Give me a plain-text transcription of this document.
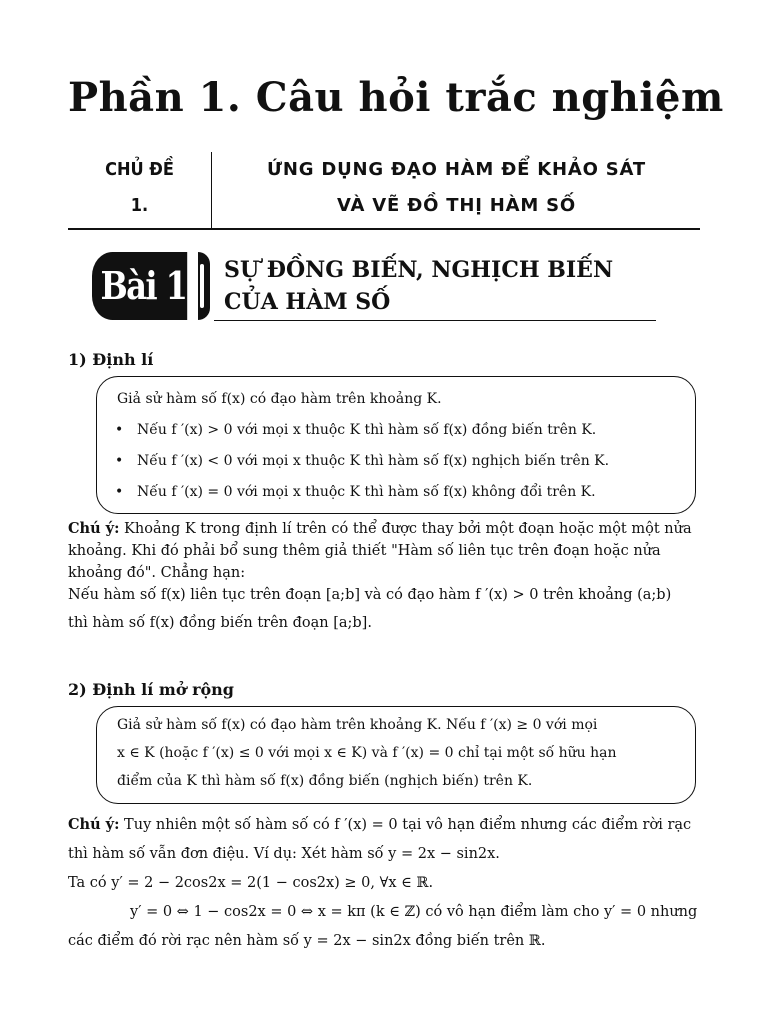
Phần 1. Câu hỏi trắc nghiệm
CHỦ ĐỀ
1.
ỨNG DỤNG ĐẠO HÀM ĐỂ KHẢO SÁT
VÀ VẼ ĐỒ THỊ HÀM SỐ
Bài 1 SỰ ĐỒNG BIẾN, NGHỊCH BIẾN
CỦA HÀM SỐ
1) Định lí
Giả sử hàm số f(x) có đạo hàm trên khoảng K.
• Nếu f ′(x) > 0 với mọi x thuộc K thì hàm số f(x) đồng biến trên K.
• Nếu f ′(x) < 0 với mọi x thuộc K thì hàm số f(x) nghịch biến trên K.
• Nếu f ′(x) = 0 với mọi x thuộc K thì hàm số f(x) không đổi trên K.
Chú ý: Khoảng K trong định lí trên có thể được thay bởi một đoạn hoặc một một nửa
khoảng. Khi đó phải bổ sung thêm giả thiết "Hàm số liên tục trên đoạn hoặc nửa
khoảng đó". Chẳng hạn:
Nếu hàm số f(x) liên tục trên đoạn [a;b] và có đạo hàm f ′(x) > 0 trên khoảng (a;b)
thì hàm số f(x) đồng biến trên đoạn [a;b].
2) Định lí mở rộng
Giả sử hàm số f(x) có đạo hàm trên khoảng K. Nếu f ′(x) ≥ 0 với mọi
x ∈ K (hoặc f ′(x) ≤ 0 với mọi x ∈ K) và f ′(x) = 0 chỉ tại một số hữu hạn
điểm của K thì hàm số f(x) đồng biến (nghịch biến) trên K.
Chú ý: Tuy nhiên một số hàm số có f ′(x) = 0 tại vô hạn điểm nhưng các điểm rời rạc
thì hàm số vẫn đơn điệu. Ví dụ: Xét hàm số y = 2x − sin2x.
Ta có y′ = 2 − 2cos2x = 2(1 − cos2x) ≥ 0, ∀x ∈ ℝ.
y′ = 0 ⇔ 1 − cos2x = 0 ⇔ x = kπ (k ∈ ℤ) có vô hạn điểm làm cho y′ = 0 nhưng
các điểm đó rời rạc nên hàm số y = 2x − sin2x đồng biến trên ℝ.
